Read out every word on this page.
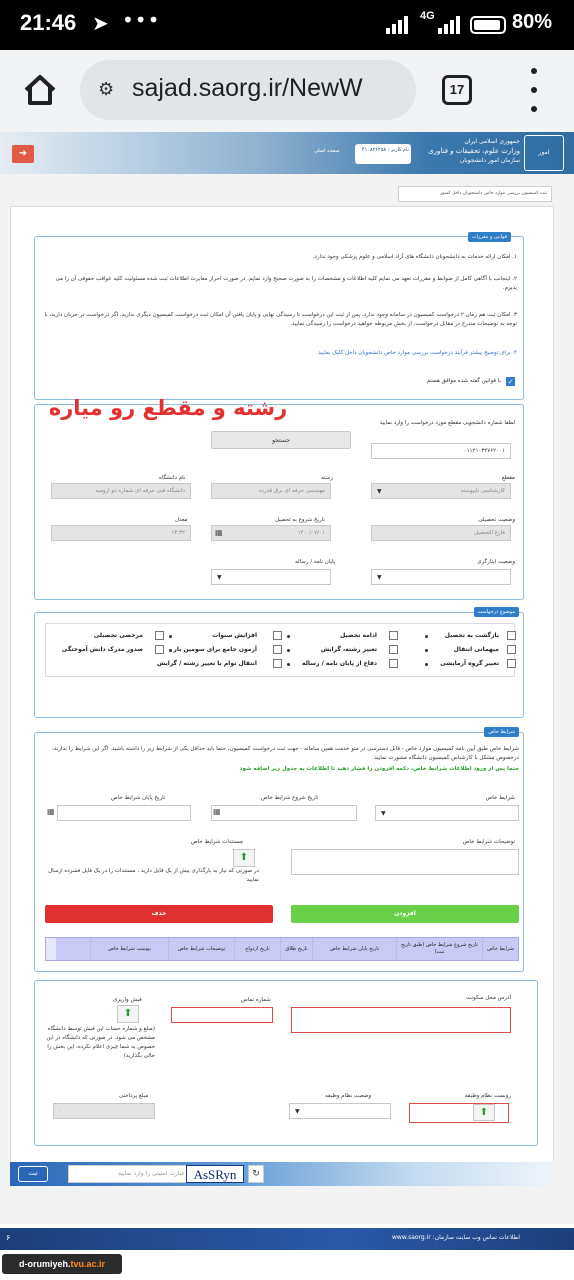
21:46 ➤ •••	4G	80%
⚙ sajad.saorg.ir/NewW	17
➜	صفحه اصلی	نام کاربر : ۴۱۰۸۲۶۴۵۸
جمهوری اسلامی ایران
وزارت علوم، تحقیقات و فناوری
سازمان امور دانشجویان
امور
ثبت کمیسیون بررسی موارد خاص دانشجویان داخل کشور
قوانین و مقررات
۱. امکان ارائه خدمات به دانشجویان دانشگاه های آزاد اسلامی و علوم پزشکی وجود ندارد.
۲. اینجانب با آگاهی کامل از ضوابط و مقررات تعهد می نمایم کلیه اطلاعات و مشخصات را به صورت صحیح وارد نمایم. در صورت احراز مغایرت اطلاعات ثبت شده مسئولیت کلیه عواقب حقوقی آن را می پذیرم.
۳. امکان ثبت هم زمان ۲ درخواست کمیسیون در سامانه وجود ندارد. پس از ثبت این درخواست تا رسیدگی نهایی و پایان یافتن آن امکان ثبت درخواست کمیسیون دیگری ندارید. اگر درخواست در جریان دارید، با توجه به توضیحات مندرج در مقابل درخواست، از بخش مربوطه خواهید درخواست را رسیدگی نمایید.
۴. برای توضیح بیشتر فرآیند درخواست بررسی موارد خاص دانشجویان داخل کلیک نمایید
✓
با قوانین گفته شده موافق هستم
لطفا شماره دانشجویی مقطع مورد درخواست را وارد نمایید
۰۱۱۲۱۰۳۲۷۶۲۰۰۱
جستجو
مقطع
▼	کارشناسی ناپیوسته
رشته
مهندسی حرفه ای برق قدرت
نام دانشگاه
دانشگاه فنی حرفه ای شماره دو ارومیه
وضعیت تحصیلی
فارغ التحصیل
تاریخ شروع به تحصیل
۱۴۰۰/۰۷/۰۱
▦
معدل
۱۳.۳۲
وضعیت ایثارگری
▼
پایان نامه / رساله
▼
رشته و مقطع رو میاره
موضوع درخواست
بازگشت به تحصیل
ادامه تحصیل
افزایش سنوات
مرخصی تحصیلی
میهمانی انتقال
تغییر رشته، گرایش
آزمون جامع برای سومین بار
صدور مدرک دانش آموختگی
تغییر گروه آزمایشی
دفاع از پایان نامه / رساله
انتقال توام با تغییر رشته / گرایش
شرایط خاص
شرایط خاص طبق آیین نامه کمیسیون موارد خاص - قابل دسترسی در منو خدمت همین سامانه - جهت ثبت درخواست کمیسیون، حتما باید حداقل یکی از شرایط زیر را داشته باشید. اگر این شرایط را ندارید، درخصوص مشکل با کارشناس کمیسیون دانشگاه مشورت نمایید
حتما پس از ورود اطلاعات شرایط خاص، دکمه افزودن را فشار دهید تا اطلاعات به جدول زیر اضافه شود
شرایط خاص
▼
تاریخ شروع شرایط خاص
▦
تاریخ پایان شرایط خاص
▦
توضیحات شرایط خاص
مستندات شرایط خاص
⬆
در صورتی که نیاز به بارگذاری بیش از یک فایل دارید ، مستندات را در یک فایل فشرده ارسال نمایید
افزودن
حذف
شرایط خاص
تاریخ شروع شرایط خاص (طبق تاریخ ثبت)
تاریخ پایان شرایط خاص
تاریخ طلاق
تاریخ ازدواج
توضیحات شرایط خاص
پیوست شرایط خاص
آدرس محل سکونت
شماره تماس
فیش واریزی
⬆
(مبلغ و شماره حساب این فیش توسط دانشگاه مشخص می شود. در صورتی که دانشگاه در این خصوص به شما چیزی اعلام نکرده، این بخش را خالی بگذارید)
روبست نظام وظیفه
⬆
وضعیت نظام وظیفه
▼
مبلغ پرداختی
۰
ثبت	عبارت امنیتی را وارد نمایید AsSRyn	↻
۶	اطلاعات تماس وب سایت سازمان: www.saorg.ir
d-orumiyeh.tvu.ac.ir
